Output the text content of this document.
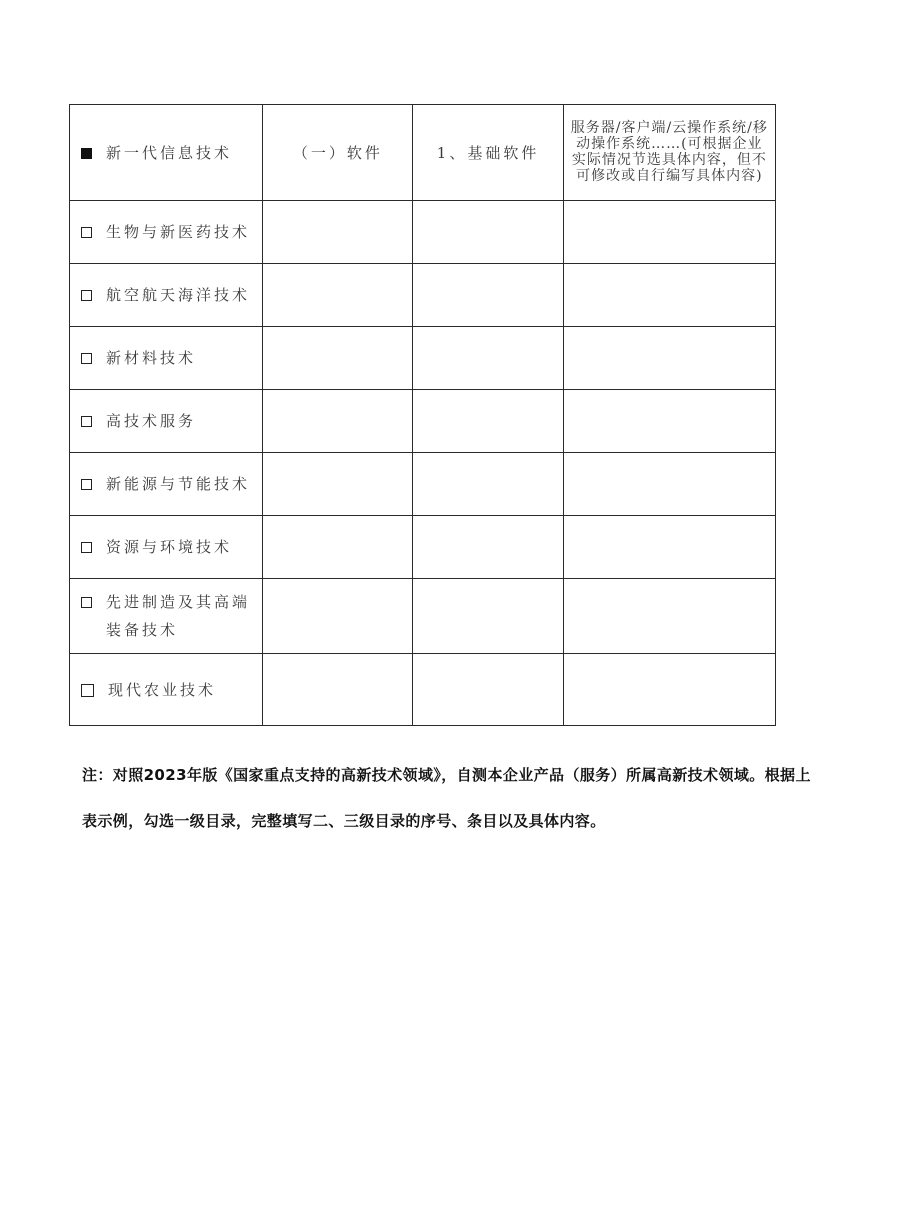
新一代信息技术	（一）软件	1、基础软件	服务器/客户端/云操作系统/移动操作系统……(可根据企业实际情况节选具体内容，但不可修改或自行编写具体内容)

生物与新医药技术			

航空航天海洋技术			

新材料技术			

高技术服务			

新能源与节能技术			

资源与环境技术			

先进制造及其高端装备技术			

现代农业技术			

注：对照2023年版《国家重点支持的高新技术领域》，自测本企业产品（服务）所属高新技术领域。根据上表示例，勾选一级目录，完整填写二、三级目录的序号、条目以及具体内容。
